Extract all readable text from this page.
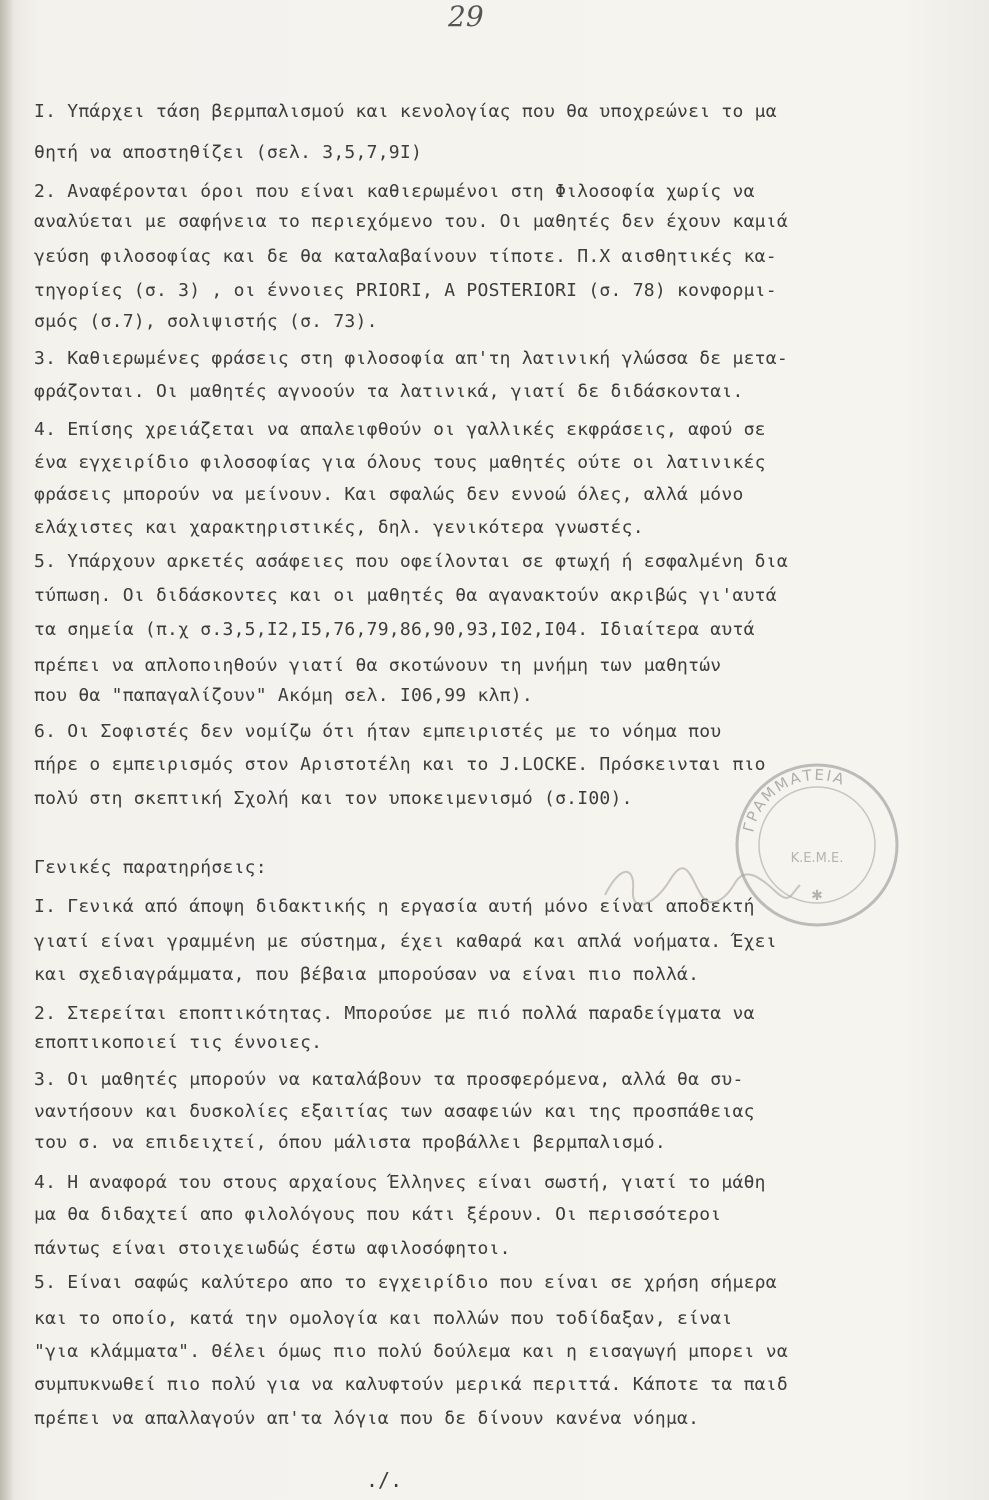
29
I. Υπάρχει τάση βερμπαλισμού και κενολογίας που θα υποχρεώνει το μα
θητή να αποστηθίζει (σελ. 3,5,7,9I)
2. Αναφέρονται όροι που είναι καθιερωμένοι στη Φιλοσοφία χωρίς να
αναλύεται με σαφήνεια το περιεχόμενο του. Οι μαθητές δεν έχουν καμιά
γεύση φιλοσοφίας και δε θα καταλαβαίνουν τίποτε. Π.Χ αισθητικές κα-
τηγορίες (σ. 3) , οι έννοιες PRIORI, A POSTERIORI (σ. 78) κονφορμι-
σμός (σ.7), σολιψιστής (σ. 73).
3. Καθιερωμένες φράσεις στη φιλοσοφία απ'τη λατινική γλώσσα δε μετα-
φράζονται. Οι μαθητές αγνοούν τα λατινικά, γιατί δε διδάσκονται.
4. Επίσης χρειάζεται να απαλειφθούν οι γαλλικές εκφράσεις, αφού σε
ένα εγχειρίδιο φιλοσοφίας για όλους τους μαθητές ούτε οι λατινικές
φράσεις μπορούν να μείνουν. Και σφαλώς δεν εννοώ όλες, αλλά μόνο
ελάχιστες και χαρακτηριστικές, δηλ. γενικότερα γνωστές.
5. Υπάρχουν αρκετές ασάφειες που οφείλονται σε φτωχή ή εσφαλμένη δια
τύπωση. Οι διδάσκοντες και οι μαθητές θα αγανακτούν ακριβώς γι'αυτά
τα σημεία (π.χ σ.3,5,I2,I5,76,79,86,90,93,I02,I04. Ιδιαίτερα αυτά
πρέπει να απλοποιηθούν γιατί θα σκοτώνουν τη μνήμη των μαθητών
που θα "παπαγαλίζουν" Ακόμη σελ. I06,99 κλπ).
6. Οι Σοφιστές δεν νομίζω ότι ήταν εμπειριστές με το νόημα που
πήρε ο εμπειρισμός στον Αριστοτέλη και το J.LOCKE. Πρόσκεινται πιο
πολύ στη σκεπτική Σχολή και τον υποκειμενισμό (σ.I00).
Γενικές παρατηρήσεις:
I. Γενικά από άποψη διδακτικής η εργασία αυτή μόνο είναι αποδεκτή
γιατί είναι γραμμένη με σύστημα, έχει καθαρά και απλά νοήματα. Έχει
και σχεδιαγράμματα, που βέβαια μπορούσαν να είναι πιο πολλά.
2. Στερείται εποπτικότητας. Μπορούσε με πιό πολλά παραδείγματα να
εποπτικοποιεί τις έννοιες.
3. Οι μαθητές μπορούν να καταλάβουν τα προσφερόμενα, αλλά θα συ-
ναντήσουν και δυσκολίες εξαιτίας των ασαφειών και της προσπάθειας
του σ. να επιδειχτεί, όπου μάλιστα προβάλλει βερμπαλισμό.
4. Η αναφορά του στους αρχαίους Έλληνες είναι σωστή, γιατί το μάθη
μα θα διδαχτεί απο φιλολόγους που κάτι ξέρουν. Οι περισσότεροι
πάντως είναι στοιχειωδώς έστω αφιλοσόφητοι.
5. Είναι σαφώς καλύτερο απο το εγχειρίδιο που είναι σε χρήση σήμερα
και το οποίο, κατά την ομολογία και πολλών που τοδίδαξαν, είναι
"για κλάμματα". Θέλει όμως πιο πολύ δούλεμα και η εισαγωγή μπορει να
συμπυκνωθεί πιο πολύ για να καλυφτούν μερικά περιττά. Κάποτε τα παιδ
πρέπει να απαλλαγούν απ'τα λόγια που δε δίνουν κανένα νόημα.
./.
ΓΡΑΜΜΑΤΕΙΑ
Κ.Ε.Μ.Ε.
✱
